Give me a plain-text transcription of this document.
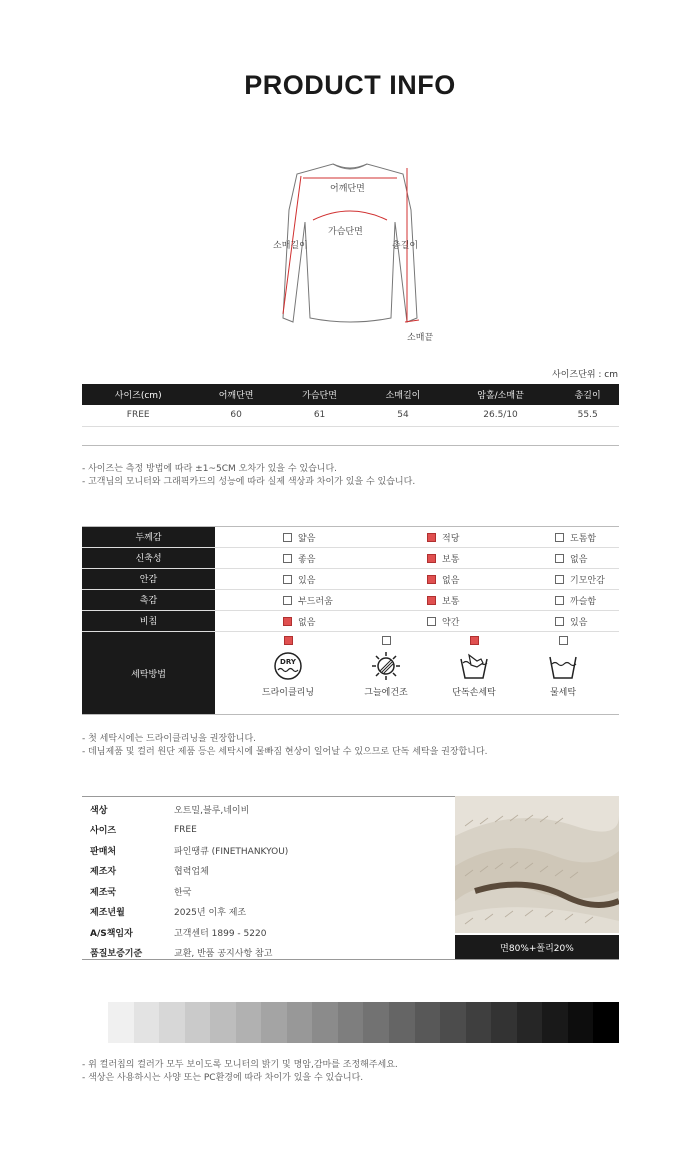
PRODUCT INFO
어깨단면
가슴단면
소매길이	총길이
소매끝
사이즈단위 : cm
사이즈(cm)	어깨단면	가슴단면	소매길이	암홀/소매끝	총길이
FREE	60	61	54	26.5/10	55.5

- 사이즈는 측정 방법에 따라 ±1~5CM 오차가 있을 수 있습니다.
- 고객님의 모니터와 그래픽카드의 성능에 따라 실제 색상과 차이가 있을 수 있습니다.
두께감	얇음	적당	도톰함
신축성	좋음	보통	없음
안감	있음	없음	기모안감
촉감	부드러움	보통	까슬함
비침	없음	약간	있음
세탁방법
DRY
드라이클리닝	그늘에건조	단독손세탁	물세탁
- 첫 세탁시에는 드라이클리닝을 권장합니다.
- 데님제품 및 컬러 원단 제품 등은 세탁시에 물빠짐 현상이 일어날 수 있으므로 단독 세탁을 권장합니다.
색상	오트밀,블루,네이비
사이즈	FREE
판매처	파인땡큐 (FINETHANKYOU)
제조자	협력업체
제조국	한국
제조년월	2025년 이후 제조
A/S책임자	고객센터 1899 - 5220
품질보증기준	교환, 반품 공지사항 참고
면80%+폴리20%
- 위 컬러칩의 컬러가 모두 보이도록 모니터의 밝기 및 명암,감마를 조정해주세요.
- 색상은 사용하시는 사양 또는 PC환경에 따라 차이가 있을 수 있습니다.
